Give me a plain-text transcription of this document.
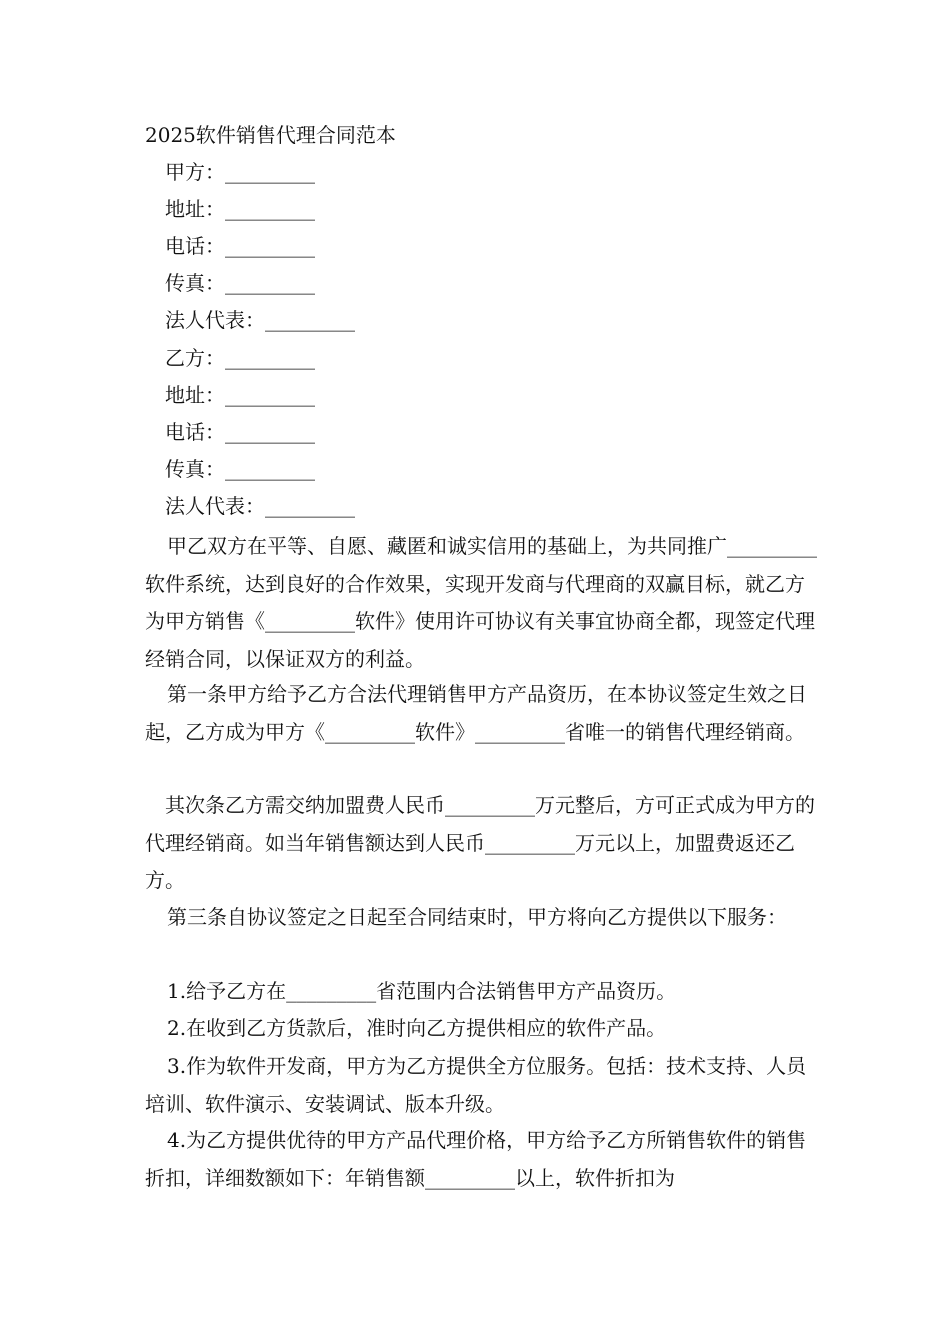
2025软件销售代理合同范本
甲方：_________
地址：_________
电话：_________
传真：_________
法人代表：_________
乙方：_________
地址：_________
电话：_________
传真：_________
法人代表：_________

甲乙双方在平等、自愿、藏匿和诚实信用的基础上，为共同推广_________软件系统，达到良好的合作效果，实现开发商与代理商的双赢目标，就乙方为甲方销售《_________软件》使用许可协议有关事宜协商全都，现签定代理经销合同，以保证双方的利益。

第一条甲方给予乙方合法代理销售甲方产品资历，在本协议签定生效之日起，乙方成为甲方《_________软件》_________省唯一的销售代理经销商。

其次条乙方需交纳加盟费人民币_________万元整后，方可正式成为甲方的代理经销商。如当年销售额达到人民币_________万元以上，加盟费返还乙方。

第三条自协议签定之日起至合同结束时，甲方将向乙方提供以下服务：

1.给予乙方在_________省范围内合法销售甲方产品资历。

2.在收到乙方货款后，准时向乙方提供相应的软件产品。

3.作为软件开发商，甲方为乙方提供全方位服务。包括：技术支持、人员培训、软件演示、安装调试、版本升级。

4.为乙方提供优待的甲方产品代理价格，甲方给予乙方所销售软件的销售折扣，详细数额如下：年销售额_________以上，软件折扣为
